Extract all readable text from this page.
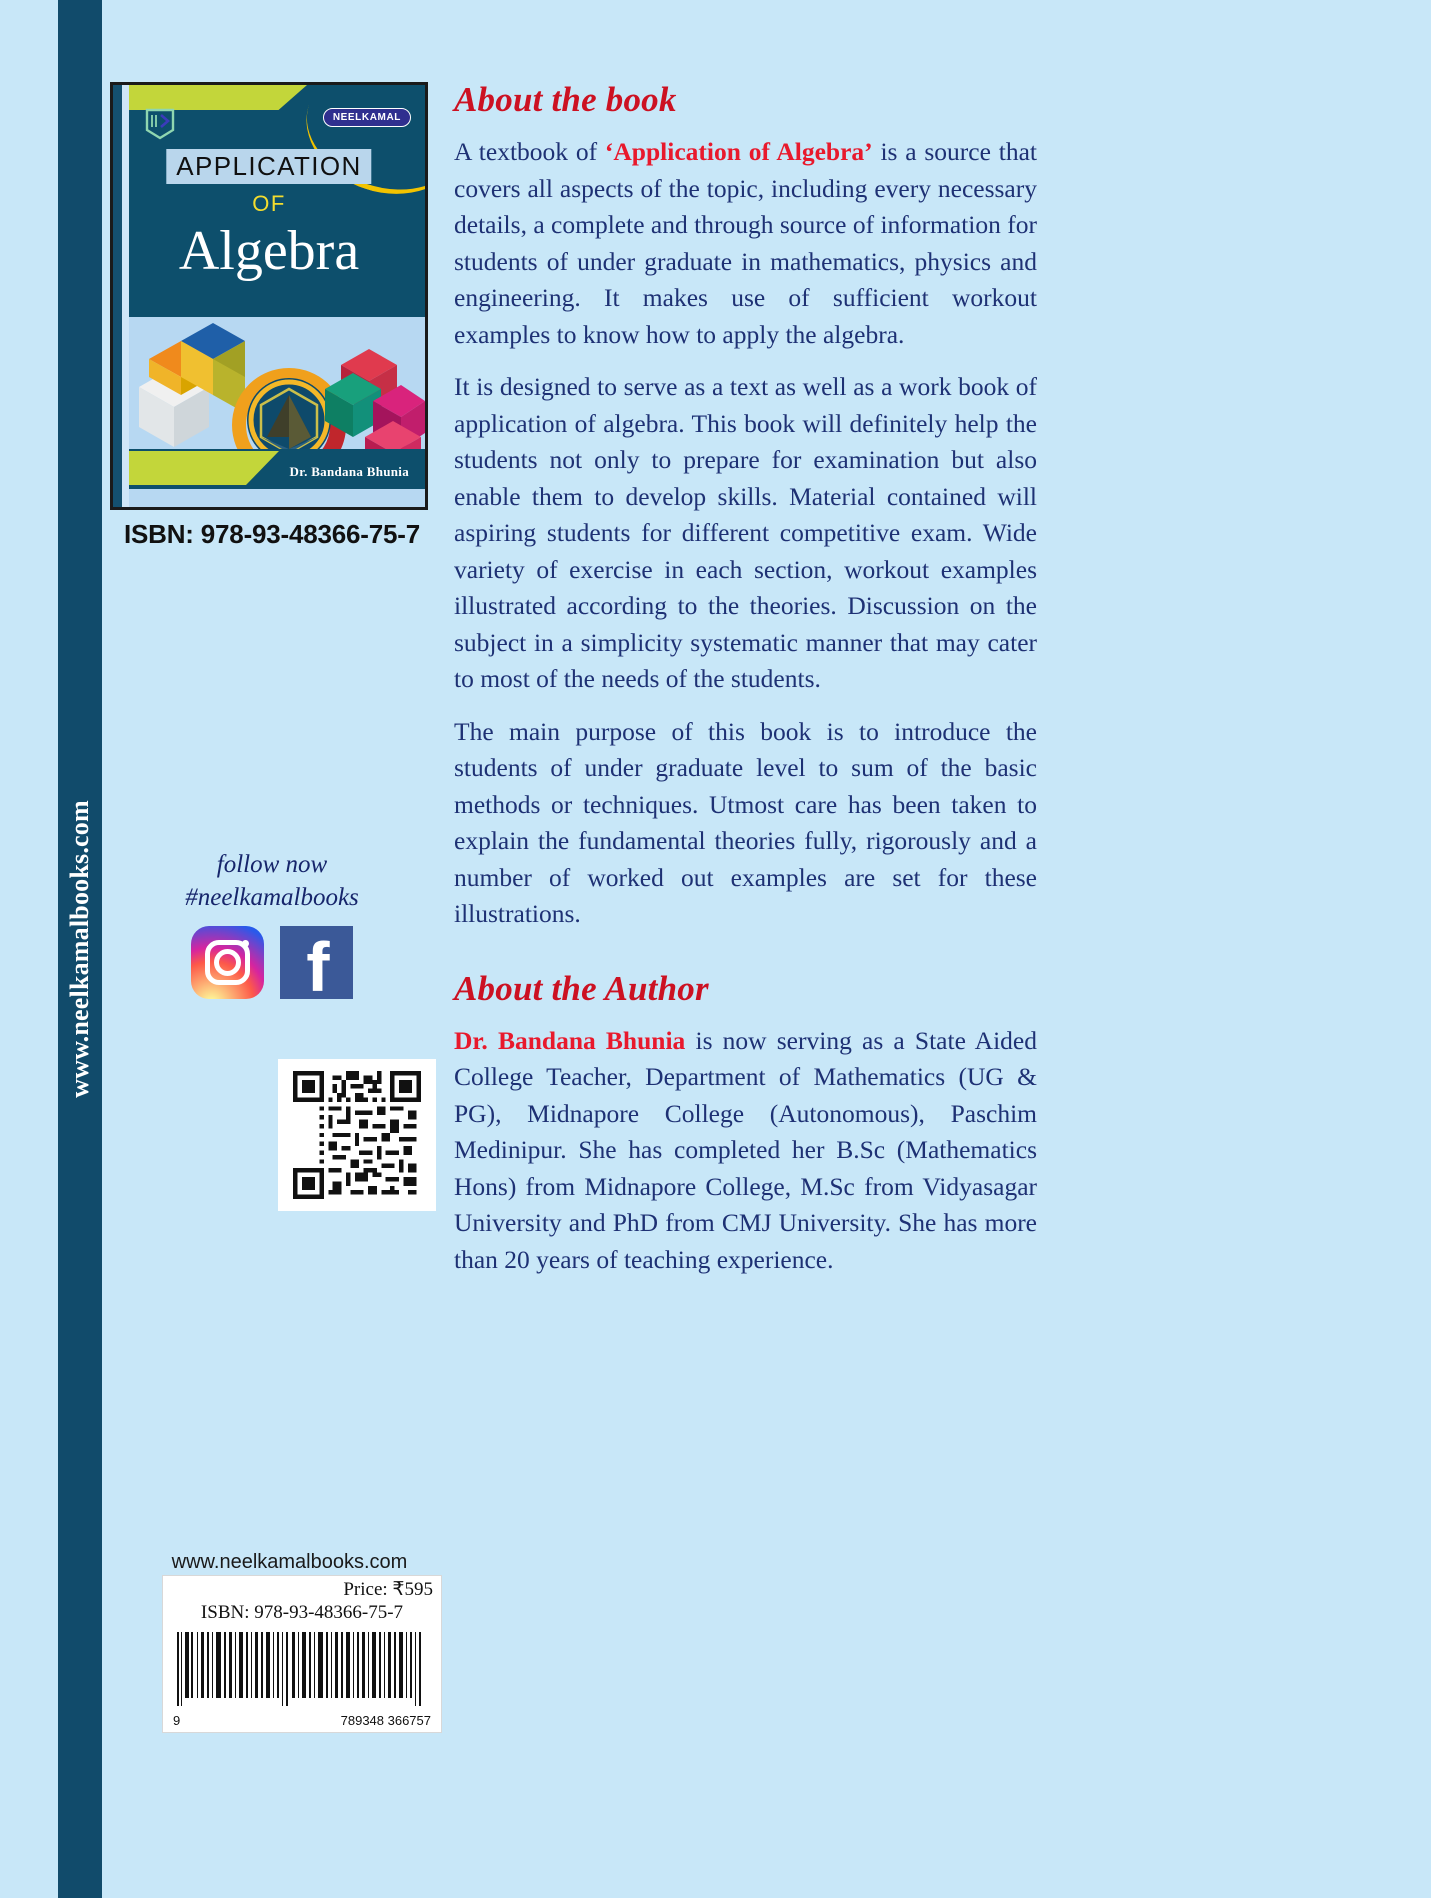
www.neelkamalbooks.com
NEELKAMAL
APPLICATION
OF
Algebra
Dr. Bandana Bhunia
ISBN: 978-93-48366-75-7
follow now
#neelkamalbooks
f
www.neelkamalbooks.com
Price: ₹595
ISBN: 978-93-48366-75-7
9	789348 366757
About the book

A textbook of ‘Application of Algebra’ is a source that covers all aspects of the topic, including every necessary details, a complete and through source of information for students of under graduate in mathematics, physics and engineering. It makes use of sufficient workout examples to know how to apply the algebra.

It is designed to serve as a text as well as a work book of application of algebra. This book will definitely help the students not only to prepare for examination but also enable them to develop skills. Material contained will aspiring students for different competitive exam. Wide variety of exercise in each section, workout examples illustrated according to the theories. Discussion on the subject in a simplicity systematic manner that may cater to most of the needs of the students.

The main purpose of this book is to introduce the students of under graduate level to sum of the basic methods or techniques. Utmost care has been taken to explain the fundamental theories fully, rigorously and a number of worked out examples are set for these illustrations.

About the Author

Dr. Bandana Bhunia is now serving as a State Aided College Teacher, Department of Mathematics (UG & PG), Midnapore College (Autonomous), Paschim Medinipur. She has completed her B.Sc (Mathematics Hons) from Midnapore College, M.Sc from Vidyasagar University and PhD from CMJ University. She has more than 20 years of teaching experience.
